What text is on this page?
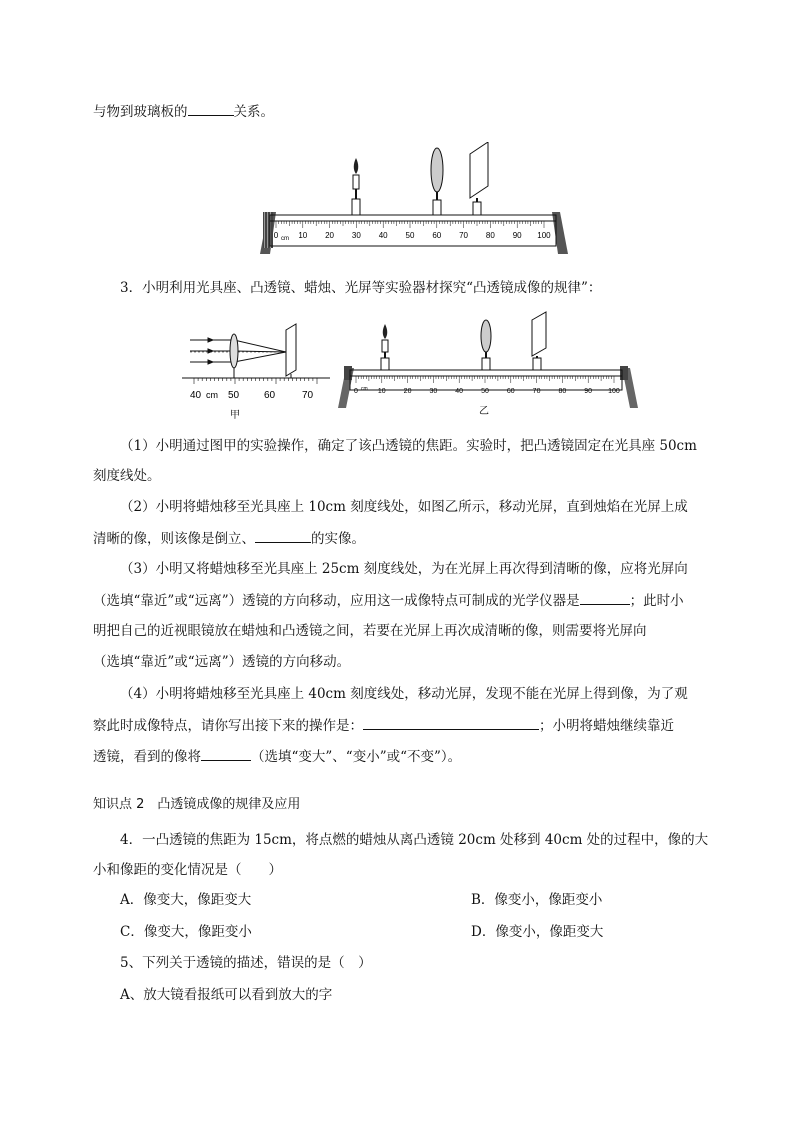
与物到玻璃板的	关系。
0	10 20 30 40 50 60 70 80 90 100
cm
3．小明利用光具座、凸透镜、蜡烛、光屏等实验器材探究“凸透镜成像的规律”：
40 cm 50 60	70
甲
0	10	20	30	40	50	60	70	80	90 100
cm
乙
（1）小明通过图甲的实验操作，确定了该凸透镜的焦距。实验时，把凸透镜固定在光具座 50cm
刻度线处。
（2）小明将蜡烛移至光具座上 10cm 刻度线处，如图乙所示，移动光屏，直到烛焰在光屏上成
清晰的像，则该像是倒立、	的实像。
（3）小明又将蜡烛移至光具座上 25cm 刻度线处，为在光屏上再次得到清晰的像，应将光屏向
（选填“靠近”或“远离”）透镜的方向移动，应用这一成像特点可制成的光学仪器是	；此时小
明把自己的近视眼镜放在蜡烛和凸透镜之间，若要在光屏上再次成清晰的像，则需要将光屏向
（选填“靠近”或“远离”）透镜的方向移动。
（4）小明将蜡烛移至光具座上 40cm 刻度线处，移动光屏，发现不能在光屏上得到像，为了观
察此时成像特点，请你写出接下来的操作是：	；小明将蜡烛继续靠近
透镜，看到的像将	（选填“变大”、“变小”或“不变”）。
知识点 2　凸透镜成像的规律及应用
4．一凸透镜的焦距为 15cm，将点燃的蜡烛从离凸透镜 20cm 处移到 40cm 处的过程中，像的大
小和像距的变化情况是（　　）
A．像变大，像距变大	B．像变小，像距变小
C．像变大，像距变小	D．像变小，像距变大
5、下列关于透镜的描述，错误的是（　）
A、放大镜看报纸可以看到放大的字
